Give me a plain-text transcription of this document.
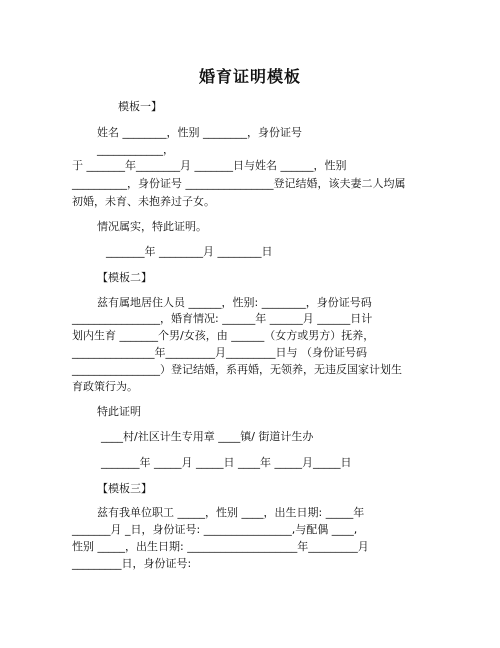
婚育证明模板
模板一】
姓名 ________，性别 ________，身份证号
____________，
于 _______年________月 _______日与姓名 ______，性别
__________，身份证号 ________________登记结婚，该夫妻二人均属
初婚，未育、未抱养过子女。
情况属实，特此证明。
_______年 ________月 ________日
【模板二】
兹有属地居住人员 ______，性别: ________，身份证号码
________________，婚育情况: ______年 ______月 ______日计
划内生育 _______个男/女孩，由 ______（女方或男方）抚养，
_______________年_________月_________日与 （身份证号码
________________）登记结婚，系再婚，无领养，无违反国家计划生
育政策行为。
特此证明
____村/社区计生专用章 ____镇/ 街道计生办
_______年 _____月 _____日 ____年 _____月_____日
【模板三】
兹有我单位职工 _____，性别 ____，出生日期: _____年
_______月 _日，身份证号: ________________,与配偶 ____,
性别 _____，出生日期: ____________________年_________月
_________日，身份证号:
